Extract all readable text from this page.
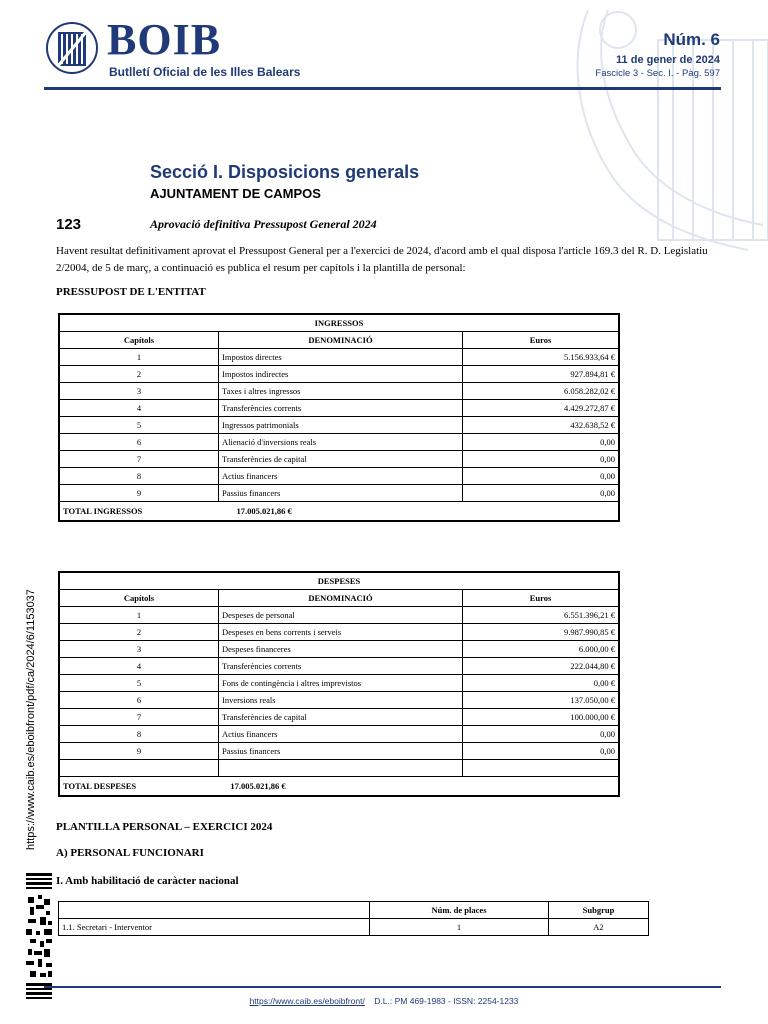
BOIB
Butlletí Oficial de les Illes Balears
Núm. 6
11 de gener de 2024
Fascicle 3 - Sec. I. - Pàg. 597
Secció I. Disposicions generals
AJUNTAMENT DE CAMPOS
123	Aprovació definitiva Pressupost General 2024
Havent resultat definitivament aprovat el Pressupost General per a l'exercici de 2024, d'acord amb el qual disposa l'article 169.3 del R. D. Legislatiu 2/2004, de 5 de març, a continuació es publica el resum per capítols i la plantilla de personal:
PRESSUPOST DE L'ENTITAT
INGRESSOS		
Capítols	DENOMINACIÓ	Euros
1	Impostos directes	5.156.933,64 €
2	Impostos indirectes	927.894,81 €
3	Taxes i altres ingressos	6.058.282,02 €
4	Transferències corrents	4.429.272,87 €
5	Ingressos patrimonials	432.638,52 €
6	Alienació d'inversions reals	0,00
7	Transferències de capital	0,00
8	Actius financers	0,00
9	Passius financers	0,00
TOTAL INGRESSOS 17.005.021,86 €		
DESPESES		
Capítols	DENOMINACIÓ	Euros
1	Despeses de personal	6.551.396,21 €
2	Despeses en bens corrents i serveis	9.987.990,85 €
3	Despeses financeres	6.000,00 €
4	Transferències corrents	222.044,80 €
5	Fons de contingència i altres imprevistos	0,00 €
6	Inversions reals	137.050,00 €
7	Transferències de capital	100.000,00 €
8	Actius financers	0,00
9	Passius financers	0,00

TOTAL DESPESES 17.005.021,86 €		
PLANTILLA PERSONAL – EXERCICI 2024
A) PERSONAL FUNCIONARI
I. Amb habilitació de caràcter nacional
	Núm. de places	Subgrup
1.1. Secretari - Interventor	1	A2
https://www.caib.es/eboibfront/pdf/ca/2024/6/1153037
https://www.caib.es/eboibfront/ D.L.: PM 469-1983 - ISSN: 2254-1233
